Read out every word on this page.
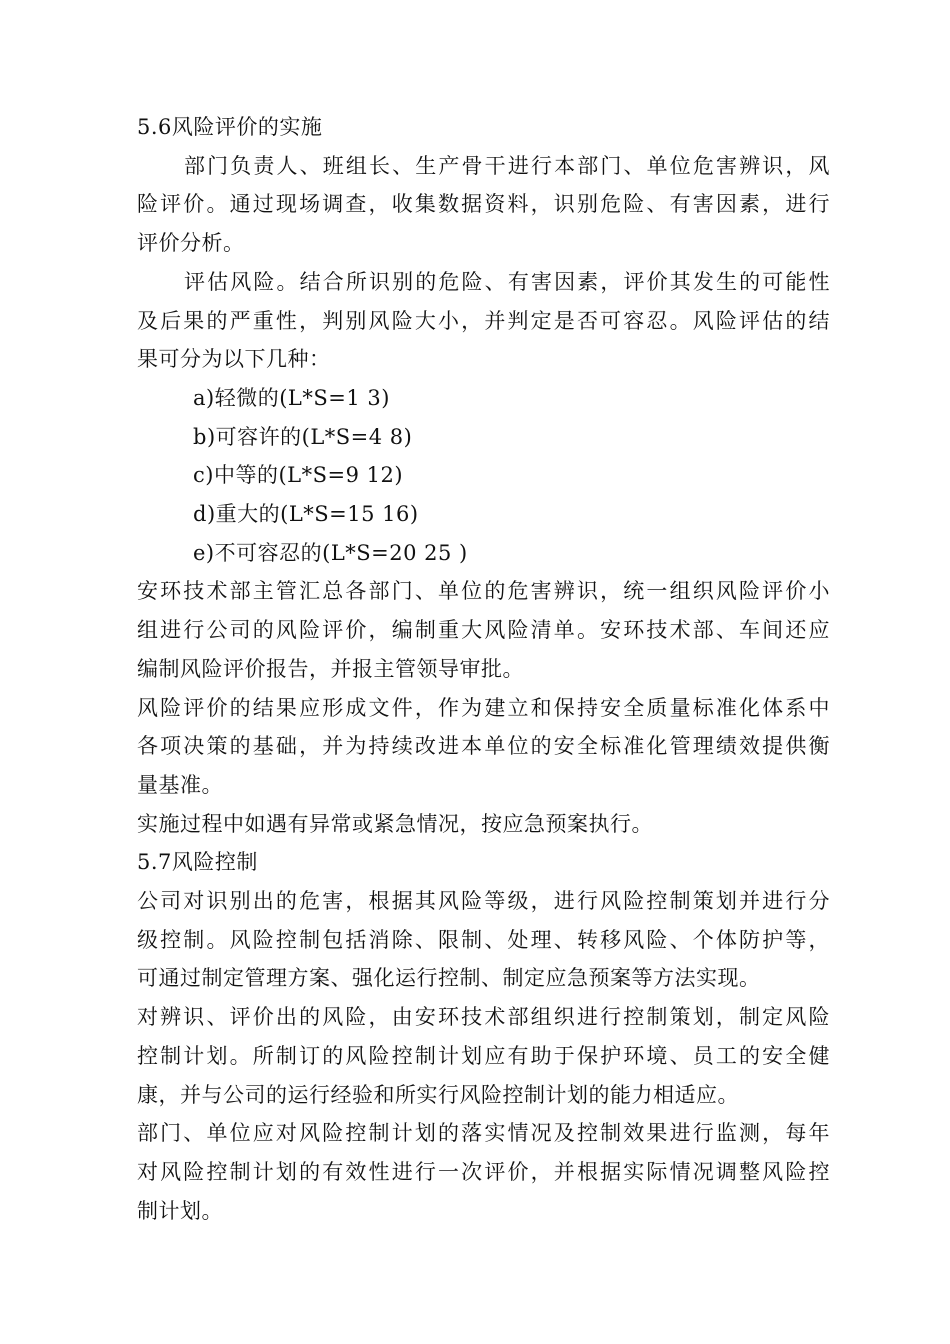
5.6风险评价的实施
部门负责人、班组长、生产骨干进行本部门、单位危害辨识，风
险评价。通过现场调查，收集数据资料，识别危险、有害因素，进行
评价分析。
评估风险。结合所识别的危险、有害因素，评价其发生的可能性
及后果的严重性，判别风险大小，并判定是否可容忍。风险评估的结
果可分为以下几种：
a)轻微的(L*S=1 3)
b)可容许的(L*S=4 8)
c)中等的(L*S=9 12)
d)重大的(L*S=15 16)
e)不可容忍的(L*S=20 25 )
安环技术部主管汇总各部门、单位的危害辨识，统一组织风险评价小
组进行公司的风险评价，编制重大风险清单。安环技术部、车间还应
编制风险评价报告，并报主管领导审批。
风险评价的结果应形成文件，作为建立和保持安全质量标准化体系中
各项决策的基础，并为持续改进本单位的安全标准化管理绩效提供衡
量基准。
实施过程中如遇有异常或紧急情况，按应急预案执行。
5.7风险控制
公司对识别出的危害，根据其风险等级，进行风险控制策划并进行分
级控制。风险控制包括消除、限制、处理、转移风险、个体防护等，
可通过制定管理方案、强化运行控制、制定应急预案等方法实现。
对辨识、评价出的风险，由安环技术部组织进行控制策划，制定风险
控制计划。所制订的风险控制计划应有助于保护环境、员工的安全健
康，并与公司的运行经验和所实行风险控制计划的能力相适应。
部门、单位应对风险控制计划的落实情况及控制效果进行监测，每年
对风险控制计划的有效性进行一次评价，并根据实际情况调整风险控
制计划。
